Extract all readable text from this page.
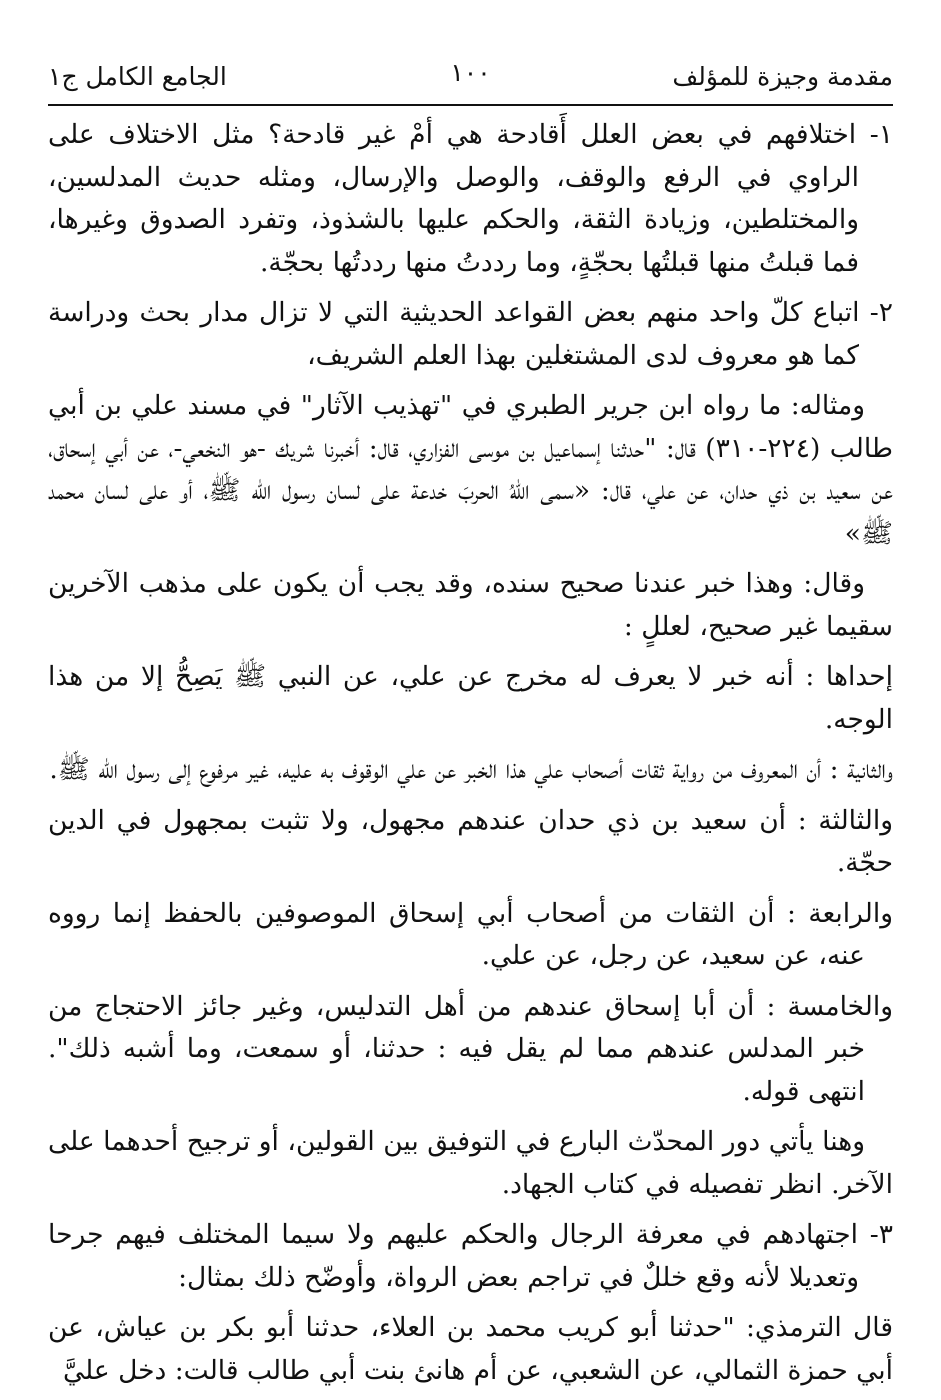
مقدمة وجيزة للمؤلف
١٠٠
الجامع الكامل ج١

١- اختلافهم في بعض العلل أَقادحة هي أمْ غير قادحة؟ مثل الاختلاف على الراوي في الرفع والوقف، والوصل والإرسال، ومثله حديث المدلسين، والمختلطين، وزيادة الثقة، والحكم عليها بالشذوذ، وتفرد الصدوق وغيرها، فما قبلتُ منها قبلتُها بحجّةٍ، وما رددتُ منها رددتُها بحجّة.

٢- اتباع كلّ واحد منهم بعض القواعد الحديثية التي لا تزال مدار بحث ودراسة كما هو معروف لدى المشتغلين بهذا العلم الشريف،

ومثاله: ما رواه ابن جرير الطبري في "تهذيب الآثار" في مسند علي بن أبي طالب (٢٢٤-٣١٠) قال: "حدثنا إسماعيل بن موسى الفزاري، قال: أخبرنا شريك -هو النخعي-، عن أبي إسحاق، عن سعيد بن ذي حدان، عن علي، قال: «سمى اللهُ الحربَ خدعة على لسان رسول الله ﷺ، أو على لسان محمد ﷺ»

وقال: وهذا خبر عندنا صحيح سنده، وقد يجب أن يكون على مذهب الآخرين سقيما غير صحيح، لعللٍ :

إحداها : أنه خبر لا يعرف له مخرج عن علي، عن النبي ﷺ يَصِحُّ إلا من هذا الوجه.

والثانية : أن المعروف من رواية ثقات أصحاب علي هذا الخبر عن علي الوقوف به عليه، غير مرفوع إلى رسول الله ﷺ.

والثالثة : أن سعيد بن ذي حدان عندهم مجهول، ولا تثبت بمجهول في الدين حجّة.

والرابعة : أن الثقات من أصحاب أبي إسحاق الموصوفين بالحفظ إنما رووه عنه، عن سعيد، عن رجل، عن علي.

والخامسة : أن أبا إسحاق عندهم من أهل التدليس، وغير جائز الاحتجاج من خبر المدلس عندهم مما لم يقل فيه : حدثنا، أو سمعت، وما أشبه ذلك". انتهى قوله.

وهنا يأتي دور المحدّث البارع في التوفيق بين القولين، أو ترجيح أحدهما على الآخر. انظر تفصيله في كتاب الجهاد.

٣- اجتهادهم في معرفة الرجال والحكم عليهم ولا سيما المختلف فيهم جرحا وتعديلا لأنه وقع خللٌ في تراجم بعض الرواة، وأوضّح ذلك بمثال:

قال الترمذي: "حدثنا أبو كريب محمد بن العلاء، حدثنا أبو بكر بن عياش، عن أبي حمزة الثمالي، عن الشعبي، عن أم هانئ بنت أبي طالب قالت: دخل عليَّ
